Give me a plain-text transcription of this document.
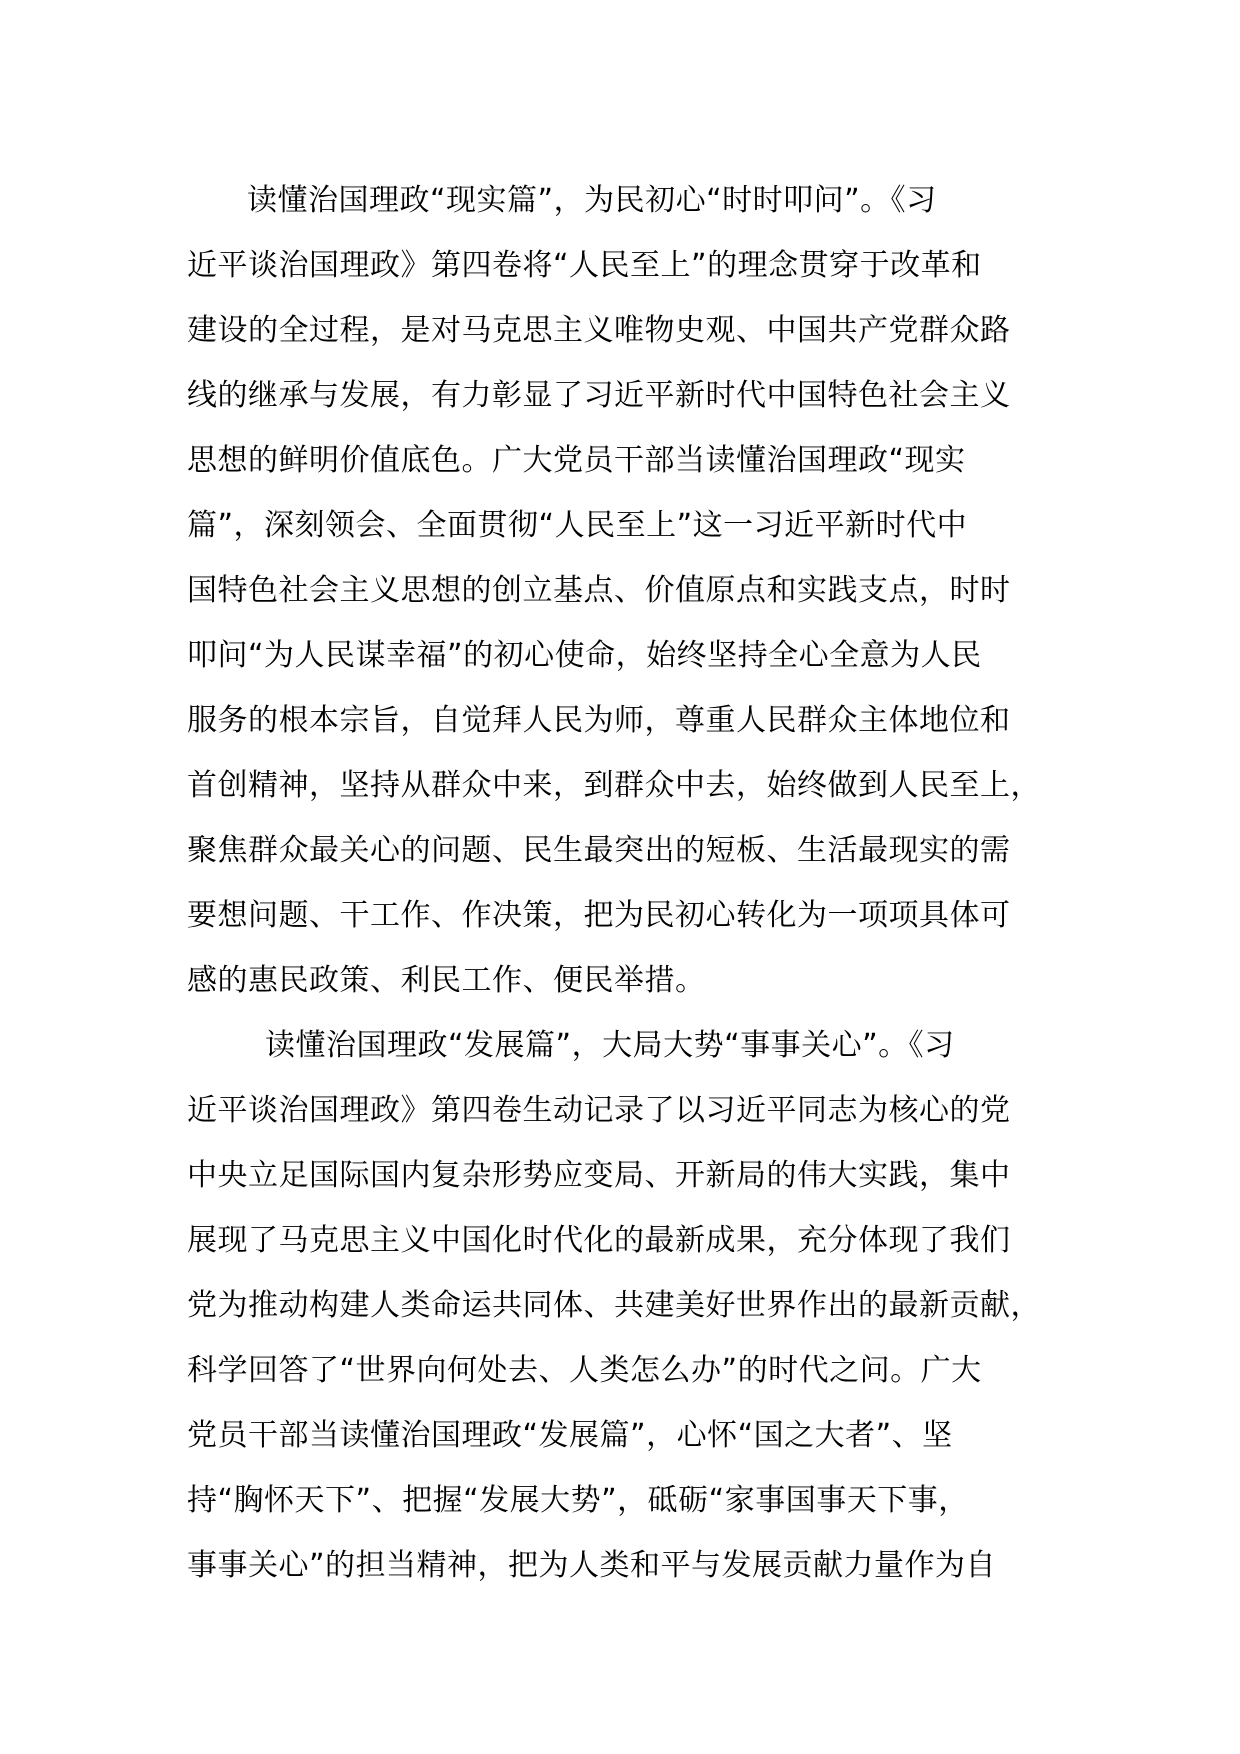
读懂治国理政“现实篇”，为民初心“时时叩问”。《习
近平谈治国理政》第四卷将“人民至上”的理念贯穿于改革和
建设的全过程，是对马克思主义唯物史观、中国共产党群众路
线的继承与发展，有力彰显了习近平新时代中国特色社会主义
思想的鲜明价值底色。广大党员干部当读懂治国理政“现实
篇”，深刻领会、全面贯彻“人民至上”这一习近平新时代中
国特色社会主义思想的创立基点、价值原点和实践支点，时时
叩问“为人民谋幸福”的初心使命，始终坚持全心全意为人民
服务的根本宗旨，自觉拜人民为师，尊重人民群众主体地位和
首创精神，坚持从群众中来，到群众中去，始终做到人民至上，
聚焦群众最关心的问题、民生最突出的短板、生活最现实的需
要想问题、干工作、作决策，把为民初心转化为一项项具体可
感的惠民政策、利民工作、便民举措。
读懂治国理政“发展篇”，大局大势“事事关心”。《习
近平谈治国理政》第四卷生动记录了以习近平同志为核心的党
中央立足国际国内复杂形势应变局、开新局的伟大实践，集中
展现了马克思主义中国化时代化的最新成果，充分体现了我们
党为推动构建人类命运共同体、共建美好世界作出的最新贡献，
科学回答了“世界向何处去、人类怎么办”的时代之问。广大
党员干部当读懂治国理政“发展篇”，心怀“国之大者”、坚
持“胸怀天下”、把握“发展大势”，砥砺“家事国事天下事，
事事关心”的担当精神，把为人类和平与发展贡献力量作为自
